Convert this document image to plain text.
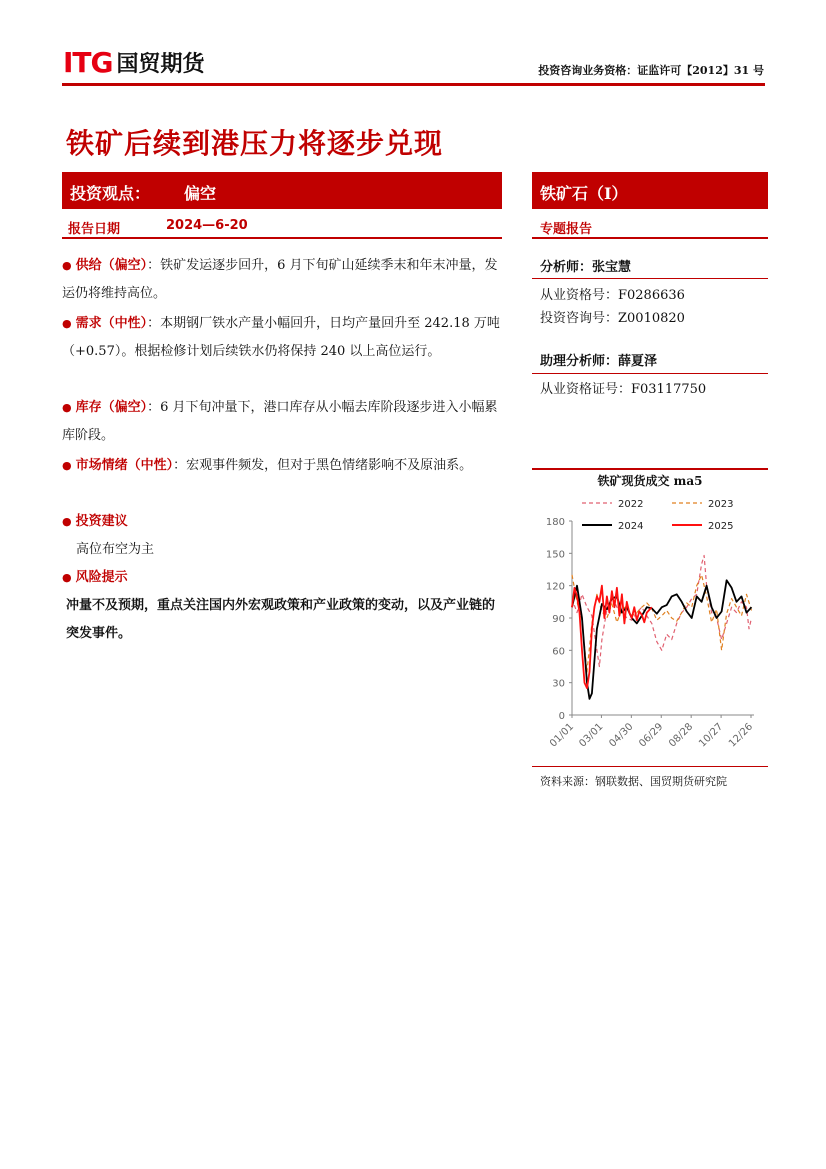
ITG 国贸期货	投资咨询业务资格：证监许可【2012】31 号
铁矿后续到港压力将逐步兑现
投资观点： 偏空
报告日期	2024—6-20
铁矿石（I）
专题报告
● 供给（偏空）：铁矿发运逐步回升，6 月下旬矿山延续季末和年末冲量，发运仍将维持高位。
● 需求（中性）：本期钢厂铁水产量小幅回升，日均产量回升至 242.18 万吨（+0.57）。根据检修计划后续铁水仍将保持 240 以上高位运行。
● 库存（偏空）：6 月下旬冲量下，港口库存从小幅去库阶段逐步进入小幅累库阶段。
● 市场情绪（中性）：宏观事件频发，但对于黑色情绪影响不及原油系。
● 投资建议
高位布空为主
● 风险提示
冲量不及预期，重点关注国内外宏观政策和产业政策的变动，以及产业链的突发事件。
分析师：张宝慧
从业资格号：F0286636
投资咨询号：Z0010820
助理分析师：薛夏泽
从业资格证号：F03117750
铁矿现货成交 ma5
0
30
60
90
120
150
180
01/01 03/01 04/30 06/29 08/28 10/27 12/26
2022	2023
2024	2025
资料来源：钢联数据、国贸期货研究院
